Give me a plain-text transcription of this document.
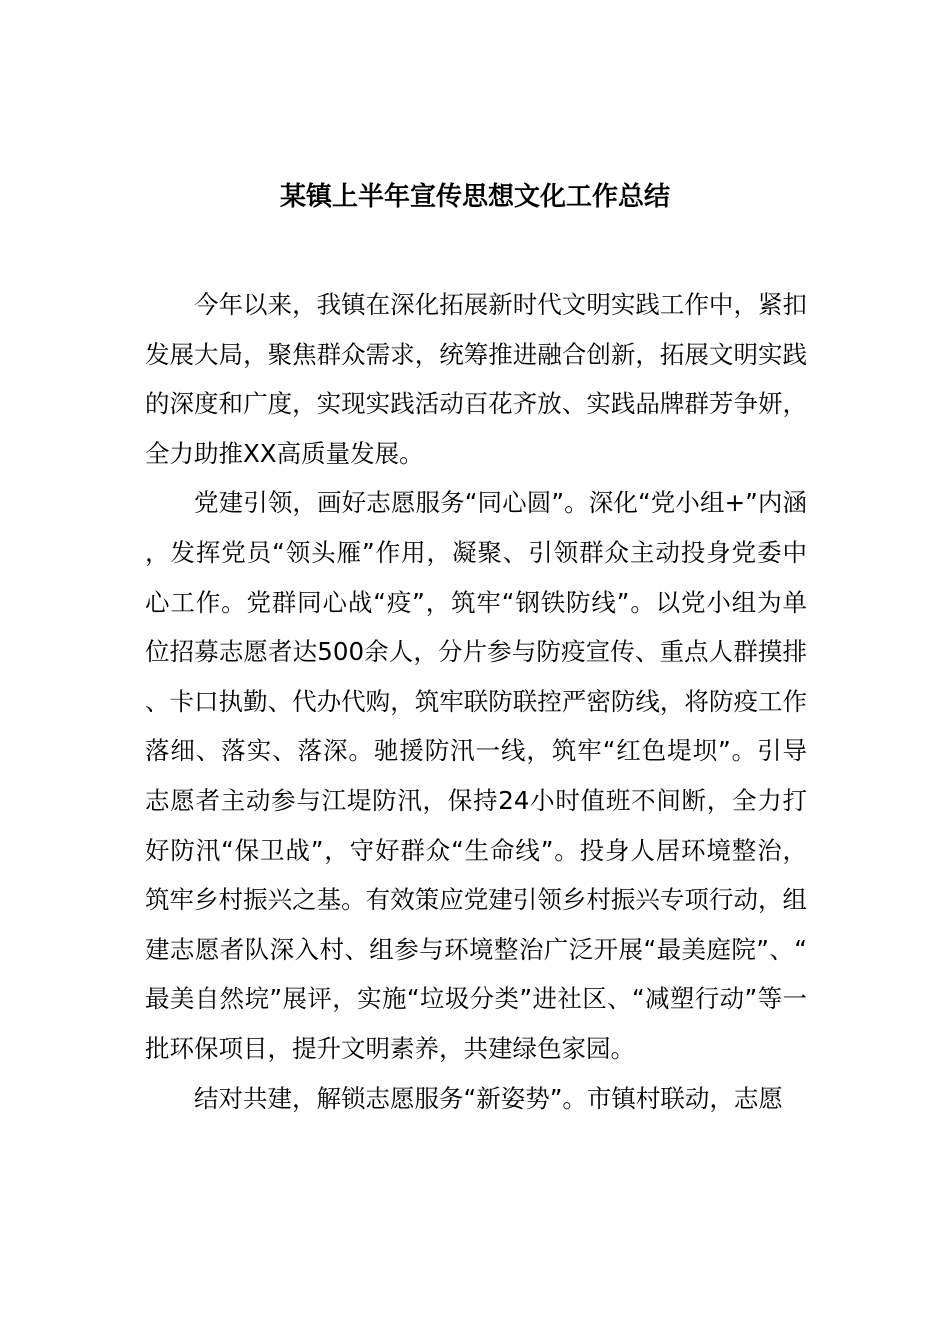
某镇上半年宣传思想文化工作总结

今年以来，我镇在深化拓展新时代文明实践工作中，紧扣发展大局，聚焦群众需求，统筹推进融合创新，拓展文明实践的深度和广度，实现实践活动百花齐放、实践品牌群芳争妍，全力助推XX高质量发展。

党建引领，画好志愿服务“同心圆”。深化“党小组+”内涵，发挥党员“领头雁”作用，凝聚、引领群众主动投身党委中心工作。党群同心战“疫”，筑牢“钢铁防线”。以党小组为单位招募志愿者达500余人，分片参与防疫宣传、重点人群摸排、卡口执勤、代办代购，筑牢联防联控严密防线，将防疫工作落细、落实、落深。驰援防汛一线，筑牢“红色堤坝”。引导志愿者主动参与江堤防汛，保持24小时值班不间断，全力打好防汛“保卫战”，守好群众“生命线”。投身人居环境整治，筑牢乡村振兴之基。有效策应党建引领乡村振兴专项行动，组建志愿者队深入村、组参与环境整治广泛开展“最美庭院”、“最美自然垸”展评，实施“垃圾分类”进社区、“减塑行动”等一批环保项目，提升文明素养，共建绿色家园。

结对共建，解锁志愿服务“新姿势”。市镇村联动，志愿
